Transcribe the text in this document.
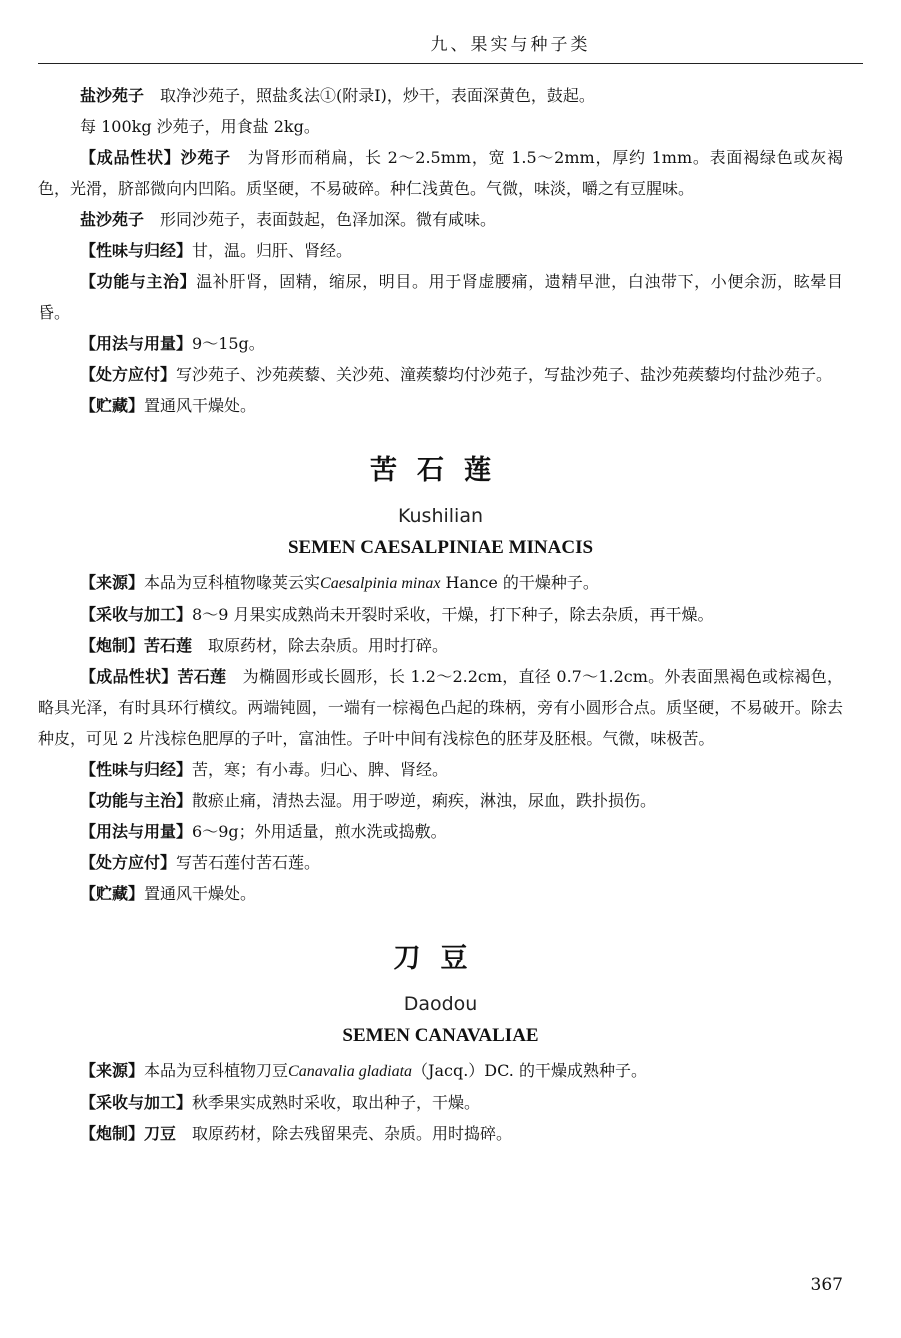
九、果实与种子类

盐沙苑子　 取净沙苑子，照盐炙法①(附录Ⅰ)，炒干，表面深黄色，鼓起。

每 100kg 沙苑子，用食盐 2kg。

【成品性状】沙苑子　 为肾形而稍扁，长 2～2.5mm，宽 1.5～2mm，厚约 1mm。表面褐绿色或灰褐色，光滑，脐部微向内凹陷。质坚硬，不易破碎。种仁浅黄色。气微，味淡，嚼之有豆腥味。

盐沙苑子　 形同沙苑子，表面鼓起，色泽加深。微有咸味。

【性味与归经】甘，温。归肝、肾经。

【功能与主治】温补肝肾，固精，缩尿，明目。用于肾虚腰痛，遗精早泄，白浊带下，小便余沥，眩晕目昏。

【用法与用量】9～15g。

【处方应付】写沙苑子、沙苑蒺藜、关沙苑、潼蒺藜均付沙苑子，写盐沙苑子、盐沙苑蒺藜均付盐沙苑子。

【贮藏】置通风干燥处。

苦石莲
Kushilian
SEMEN CAESALPINIAE MINACIS

【来源】本品为豆科植物喙荚云实Caesalpinia minax Hance 的干燥种子。

【采收与加工】8～9 月果实成熟尚未开裂时采收，干燥，打下种子，除去杂质，再干燥。

【炮制】苦石莲　 取原药材，除去杂质。用时打碎。

【成品性状】苦石莲　 为椭圆形或长圆形，长 1.2～2.2cm，直径 0.7～1.2cm。外表面黑褐色或棕褐色，略具光泽，有时具环行横纹。两端钝圆，一端有一棕褐色凸起的珠柄，旁有小圆形合点。质坚硬，不易破开。除去种皮，可见 2 片浅棕色肥厚的子叶，富油性。子叶中间有浅棕色的胚芽及胚根。气微，味极苦。

【性味与归经】苦，寒；有小毒。归心、脾、肾经。

【功能与主治】散瘀止痛，清热去湿。用于哕逆，痢疾，淋浊，尿血，跌扑损伤。

【用法与用量】6～9g；外用适量，煎水洗或捣敷。

【处方应付】写苦石莲付苦石莲。

【贮藏】置通风干燥处。

刀豆
Daodou
SEMEN CANAVALIAE

【来源】本品为豆科植物刀豆Canavalia gladiata（Jacq.）DC. 的干燥成熟种子。

【采收与加工】秋季果实成熟时采收，取出种子，干燥。

【炮制】刀豆　 取原药材，除去残留果壳、杂质。用时捣碎。

367
